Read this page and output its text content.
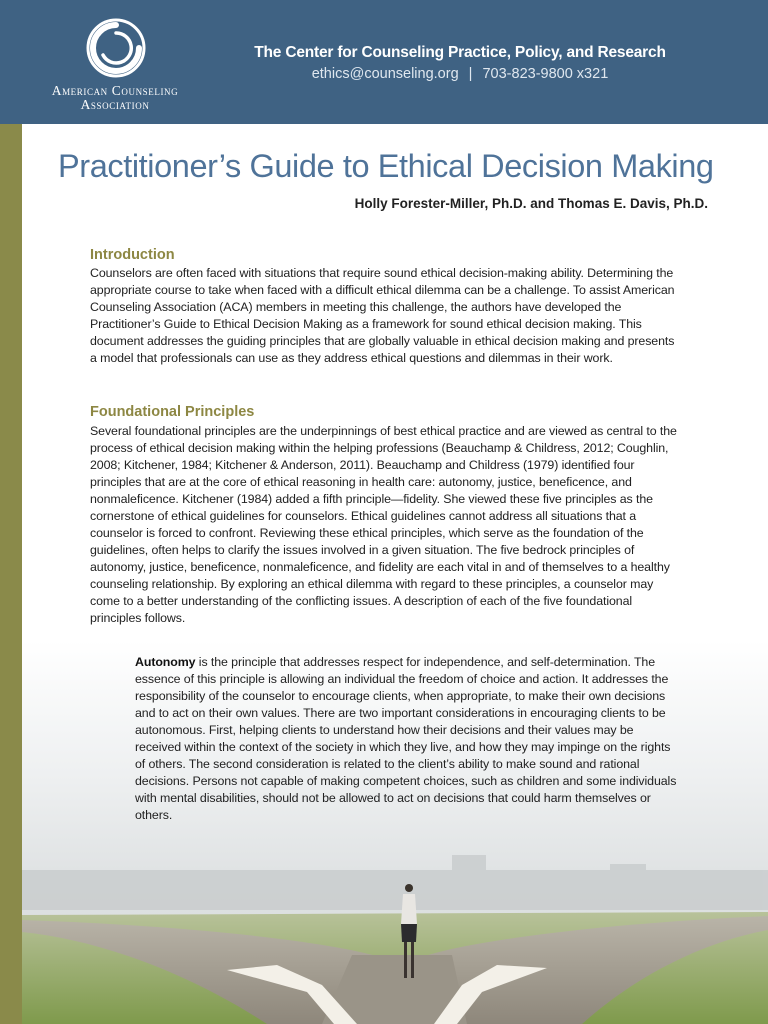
American Counseling
Association
The Center for Counseling Practice, Policy, and Research
ethics@counseling.org | 703-823-9800 x321
Practitioner’s Guide to Ethical Decision Making
Holly Forester-Miller, Ph.D. and Thomas E. Davis, Ph.D.
Introduction

Counselors are often faced with situations that require sound ethical decision-making ability. Determining the appropriate course to take when faced with a difficult ethical dilemma can be a challenge. To assist American Counseling Association (ACA) members in meeting this challenge, the authors have developed the Practitioner’s Guide to Ethical Decision Making as a framework for sound ethical decision making. This document addresses the guiding principles that are globally valuable in ethical decision making and presents a model that professionals can use as they address ethical questions and dilemmas in their work.

Foundational Principles

Several foundational principles are the underpinnings of best ethical practice and are viewed as central to the process of ethical decision making within the helping professions (Beauchamp & Childress, 2012; Coughlin, 2008; Kitchener, 1984; Kitchener & Anderson, 2011). Beauchamp and Childress (1979) identified four principles that are at the core of ethical reasoning in health care: autonomy, justice, beneficence, and nonmaleficence. Kitchener (1984) added a fifth principle—fidelity. She viewed these five principles as the cornerstone of ethical guidelines for counselors. Ethical guidelines cannot address all situations that a counselor is forced to confront. Reviewing these ethical principles, which serve as the foundation of the guidelines, often helps to clarify the issues involved in a given situation. The five bedrock principles of autonomy, justice, beneficence, nonmaleficence, and fidelity are each vital in and of themselves to a healthy counseling relationship. By exploring an ethical dilemma with regard to these principles, a counselor may come to a better understanding of the conflicting issues. A description of each of the five foundational principles follows.

Autonomy is the principle that addresses respect for independence, and self-determination. The essence of this principle is allowing an individual the freedom of choice and action. It addresses the responsibility of the counselor to encourage clients, when appropriate, to make their own decisions and to act on their own values. There are two important considerations in encouraging clients to be autonomous. First, helping clients to understand how their decisions and their values may be received within the context of the society in which they live, and how they may impinge on the rights of others. The second consideration is related to the client’s ability to make sound and rational decisions. Persons not capable of making competent choices, such as children and some individuals with mental disabilities, should not be allowed to act on decisions that could harm themselves or others.
